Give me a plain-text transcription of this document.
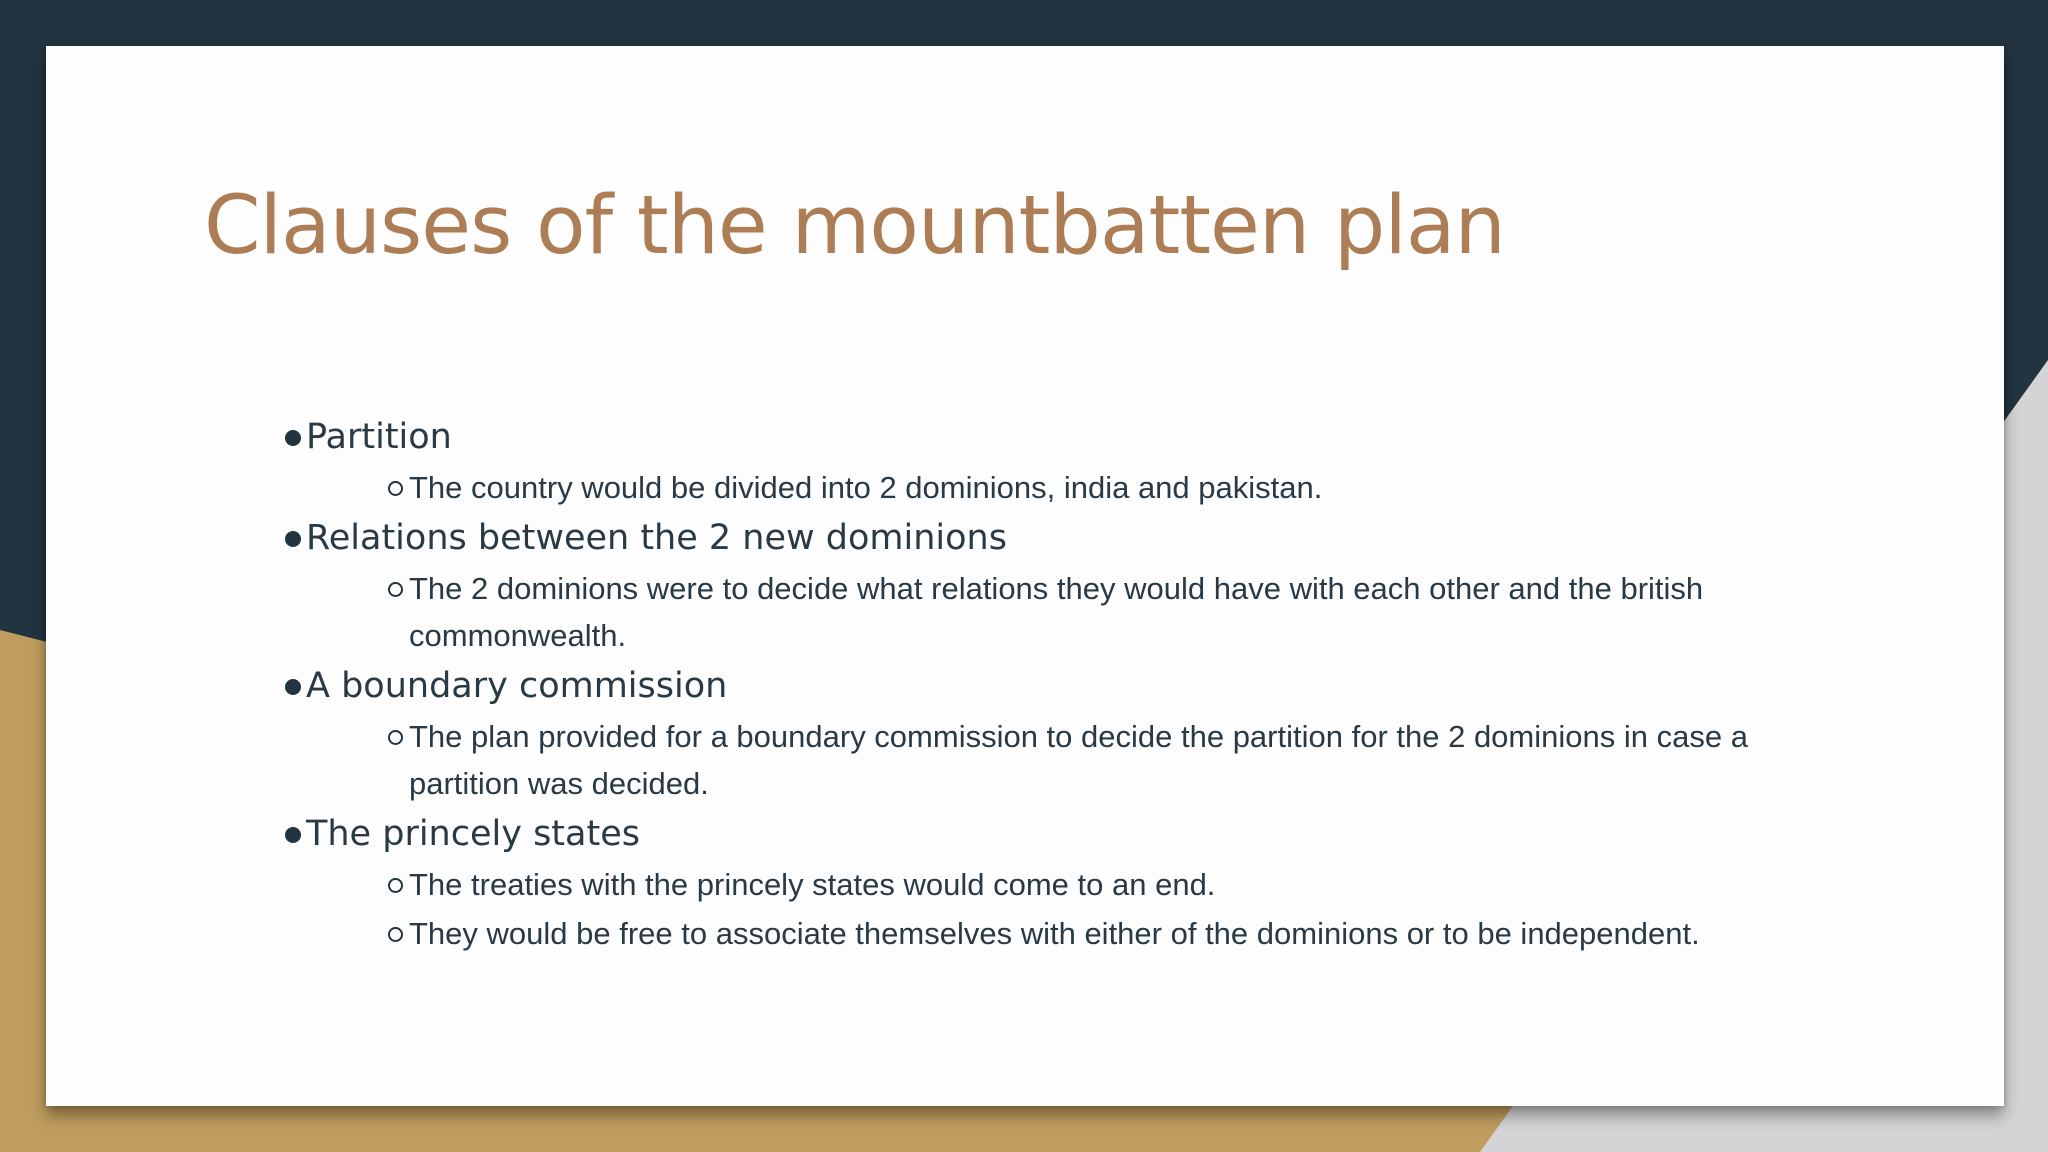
Clauses of the mountbatten plan
Partition
The country would be divided into 2 dominions, india and pakistan.
Relations between the 2 new dominions
The 2 dominions were to decide what relations they would have with each other and the british commonwealth.
A boundary commission
The plan provided for a boundary commission to decide the partition for the 2 dominions in case a partition was decided.
The princely states
The treaties with the princely states would come to an end.
They would be free to associate themselves with either of the dominions or to be independent.
